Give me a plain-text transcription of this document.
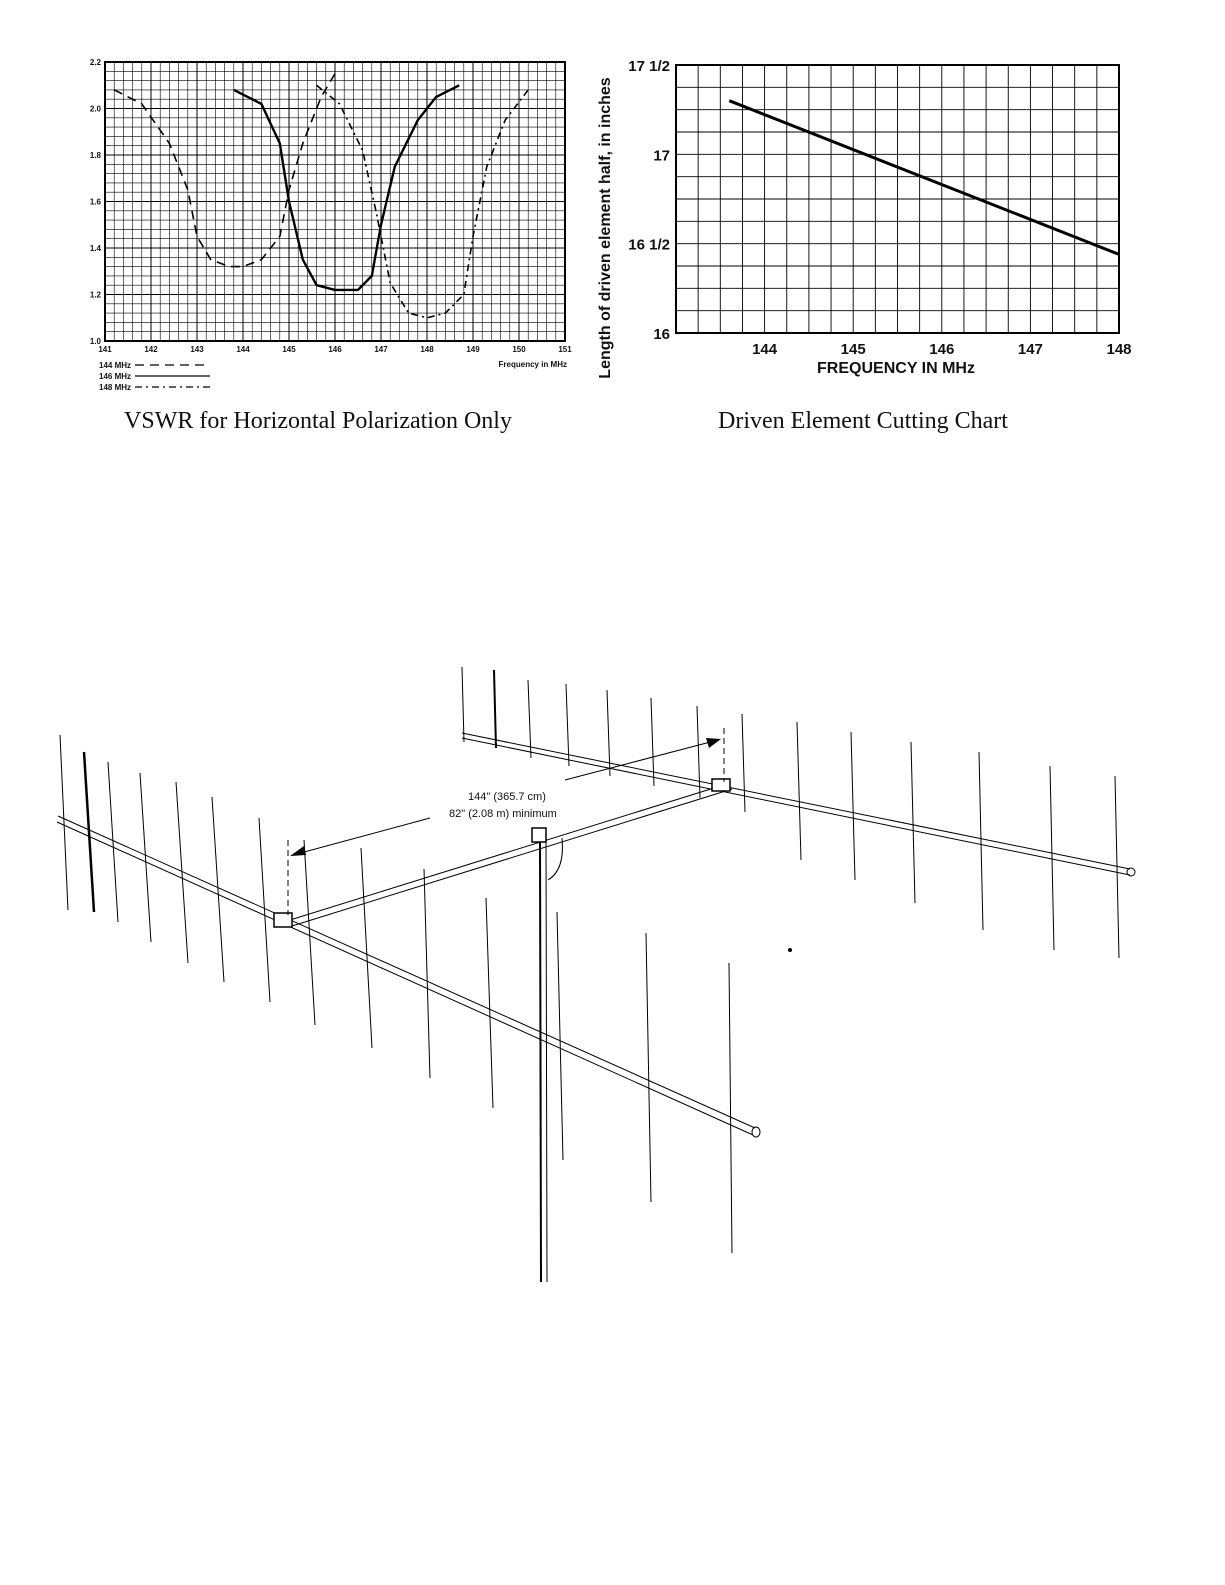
141	142	143	144	145	146	147	148	149	150	151
1.0
1.2
1.4
1.6
1.8
2.0
2.2
Frequency in MHz
144 MHz
146 MHz
148 MHz
VSWR for Horizontal Polarization Only
144	145	146	147	148
16
16 1/2
17
17 1/2
FREQUENCY IN MHz
Length of driven element half, in inches
Driven Element Cutting Chart
144" (365.7 cm)
82" (2.08 m) minimum
